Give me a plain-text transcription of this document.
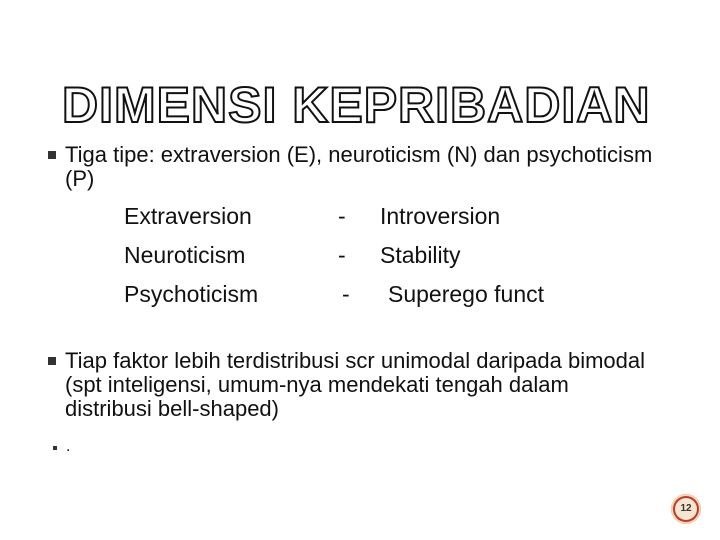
DIMENSI KEPRIBADIAN
Tiga tipe: extraversion (E), neuroticism (N) dan psychoticism (P)
Extraversion	- Introversion
Neuroticism	- Stability
Psychoticism	- Superego funct
Tiap faktor lebih terdistribusi scr unimodal daripada bimodal (spt inteligensi, umum-nya mendekati tengah dalam distribusi bell-shaped)
.
12
